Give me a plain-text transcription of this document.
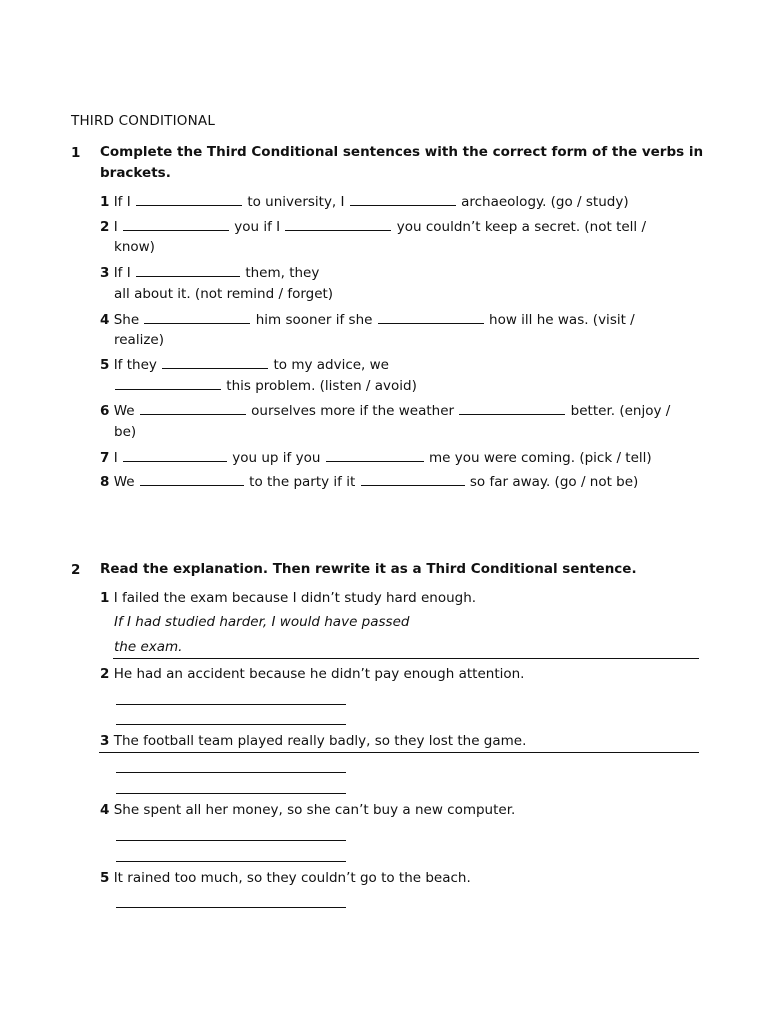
THIRD CONDITIONAL
1 Complete the Third Conditional sentences with the correct form of the verbs in brackets.
1 If I	to university, I	archaeology. (go / study)
2 I	you if I	you couldn’t keep a secret. (not tell /
know)
3 If I	them, they
all about it. (not remind / forget)
4 She	him sooner if she	how ill he was. (visit /
realize)
5 If they	to my advice, we
this problem. (listen / avoid)
6 We	ourselves more if the weather	better. (enjoy /
be)
7 I	you up if you	me you were coming. (pick / tell)
8 We	to the party if it	so far away. (go / not be)
2 Read the explanation. Then rewrite it as a Third Conditional sentence.
1 I failed the exam because I didn’t study hard enough.
If I had studied harder, I would have passed
the exam.
2 He had an accident because he didn’t pay enough attention.
3 The football team played really badly, so they lost the game.
4 She spent all her money, so she can’t buy a new computer.
5 It rained too much, so they couldn’t go to the beach.
